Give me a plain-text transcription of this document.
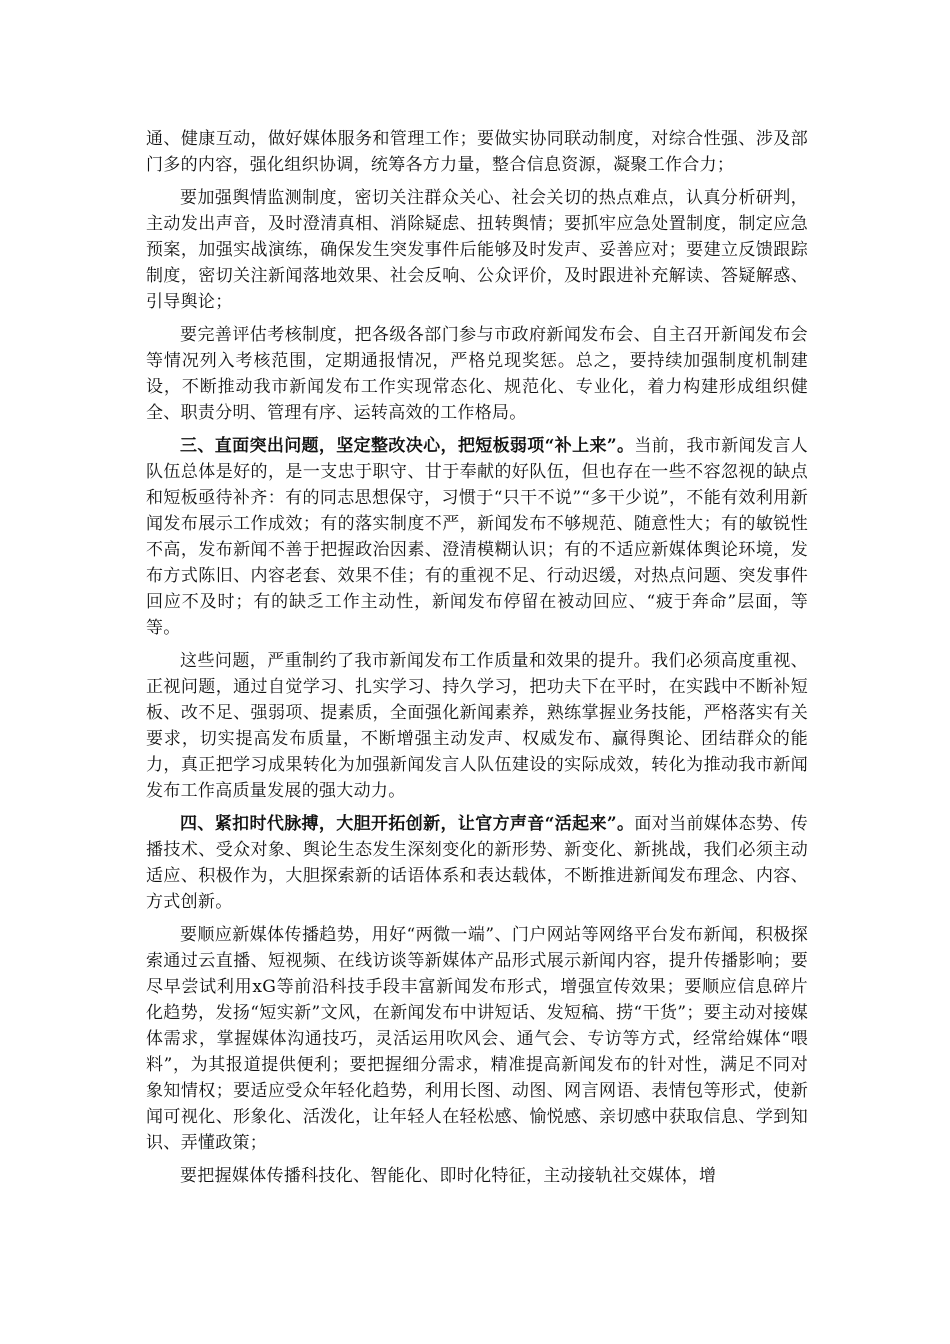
通、健康互动，做好媒体服务和管理工作；要做实协同联动制度，对综合性强、涉及部门多的内容，强化组织协调，统筹各方力量，整合信息资源，凝聚工作合力；

要加强舆情监测制度，密切关注群众关心、社会关切的热点难点，认真分析研判，主动发出声音，及时澄清真相、消除疑虑、扭转舆情；要抓牢应急处置制度，制定应急预案，加强实战演练，确保发生突发事件后能够及时发声、妥善应对；要建立反馈跟踪制度，密切关注新闻落地效果、社会反响、公众评价，及时跟进补充解读、答疑解惑、引导舆论；

要完善评估考核制度，把各级各部门参与市政府新闻发布会、自主召开新闻发布会等情况列入考核范围，定期通报情况，严格兑现奖惩。总之，要持续加强制度机制建设，不断推动我市新闻发布工作实现常态化、规范化、专业化，着力构建形成组织健全、职责分明、管理有序、运转高效的工作格局。

三、直面突出问题，坚定整改决心，把短板弱项“补上来”。当前，我市新闻发言人队伍总体是好的，是一支忠于职守、甘于奉献的好队伍，但也存在一些不容忽视的缺点和短板亟待补齐：有的同志思想保守，习惯于“只干不说”“多干少说”，不能有效利用新闻发布展示工作成效；有的落实制度不严，新闻发布不够规范、随意性大；有的敏锐性不高，发布新闻不善于把握政治因素、澄清模糊认识；有的不适应新媒体舆论环境，发布方式陈旧、内容老套、效果不佳；有的重视不足、行动迟缓，对热点问题、突发事件回应不及时；有的缺乏工作主动性，新闻发布停留在被动回应、“疲于奔命”层面，等等。

这些问题，严重制约了我市新闻发布工作质量和效果的提升。我们必须高度重视、正视问题，通过自觉学习、扎实学习、持久学习，把功夫下在平时，在实践中不断补短板、改不足、强弱项、提素质，全面强化新闻素养，熟练掌握业务技能，严格落实有关要求，切实提高发布质量，不断增强主动发声、权威发布、赢得舆论、团结群众的能力，真正把学习成果转化为加强新闻发言人队伍建设的实际成效，转化为推动我市新闻发布工作高质量发展的强大动力。

四、紧扣时代脉搏，大胆开拓创新，让官方声音“活起来”。面对当前媒体态势、传播技术、受众对象、舆论生态发生深刻变化的新形势、新变化、新挑战，我们必须主动适应、积极作为，大胆探索新的话语体系和表达载体，不断推进新闻发布理念、内容、方式创新。

要顺应新媒体传播趋势，用好“两微一端”、门户网站等网络平台发布新闻，积极探索通过云直播、短视频、在线访谈等新媒体产品形式展示新闻内容，提升传播影响；要尽早尝试利用xG等前沿科技手段丰富新闻发布形式，增强宣传效果；要顺应信息碎片化趋势，发扬“短实新”文风，在新闻发布中讲短话、发短稿、捞“干货”；要主动对接媒体需求，掌握媒体沟通技巧，灵活运用吹风会、通气会、专访等方式，经常给媒体“喂料”，为其报道提供便利；要把握细分需求，精准提高新闻发布的针对性，满足不同对象知情权；要适应受众年轻化趋势，利用长图、动图、网言网语、表情包等形式，使新闻可视化、形象化、活泼化，让年轻人在轻松感、愉悦感、亲切感中获取信息、学到知识、弄懂政策；

要把握媒体传播科技化、智能化、即时化特征，主动接轨社交媒体，增
